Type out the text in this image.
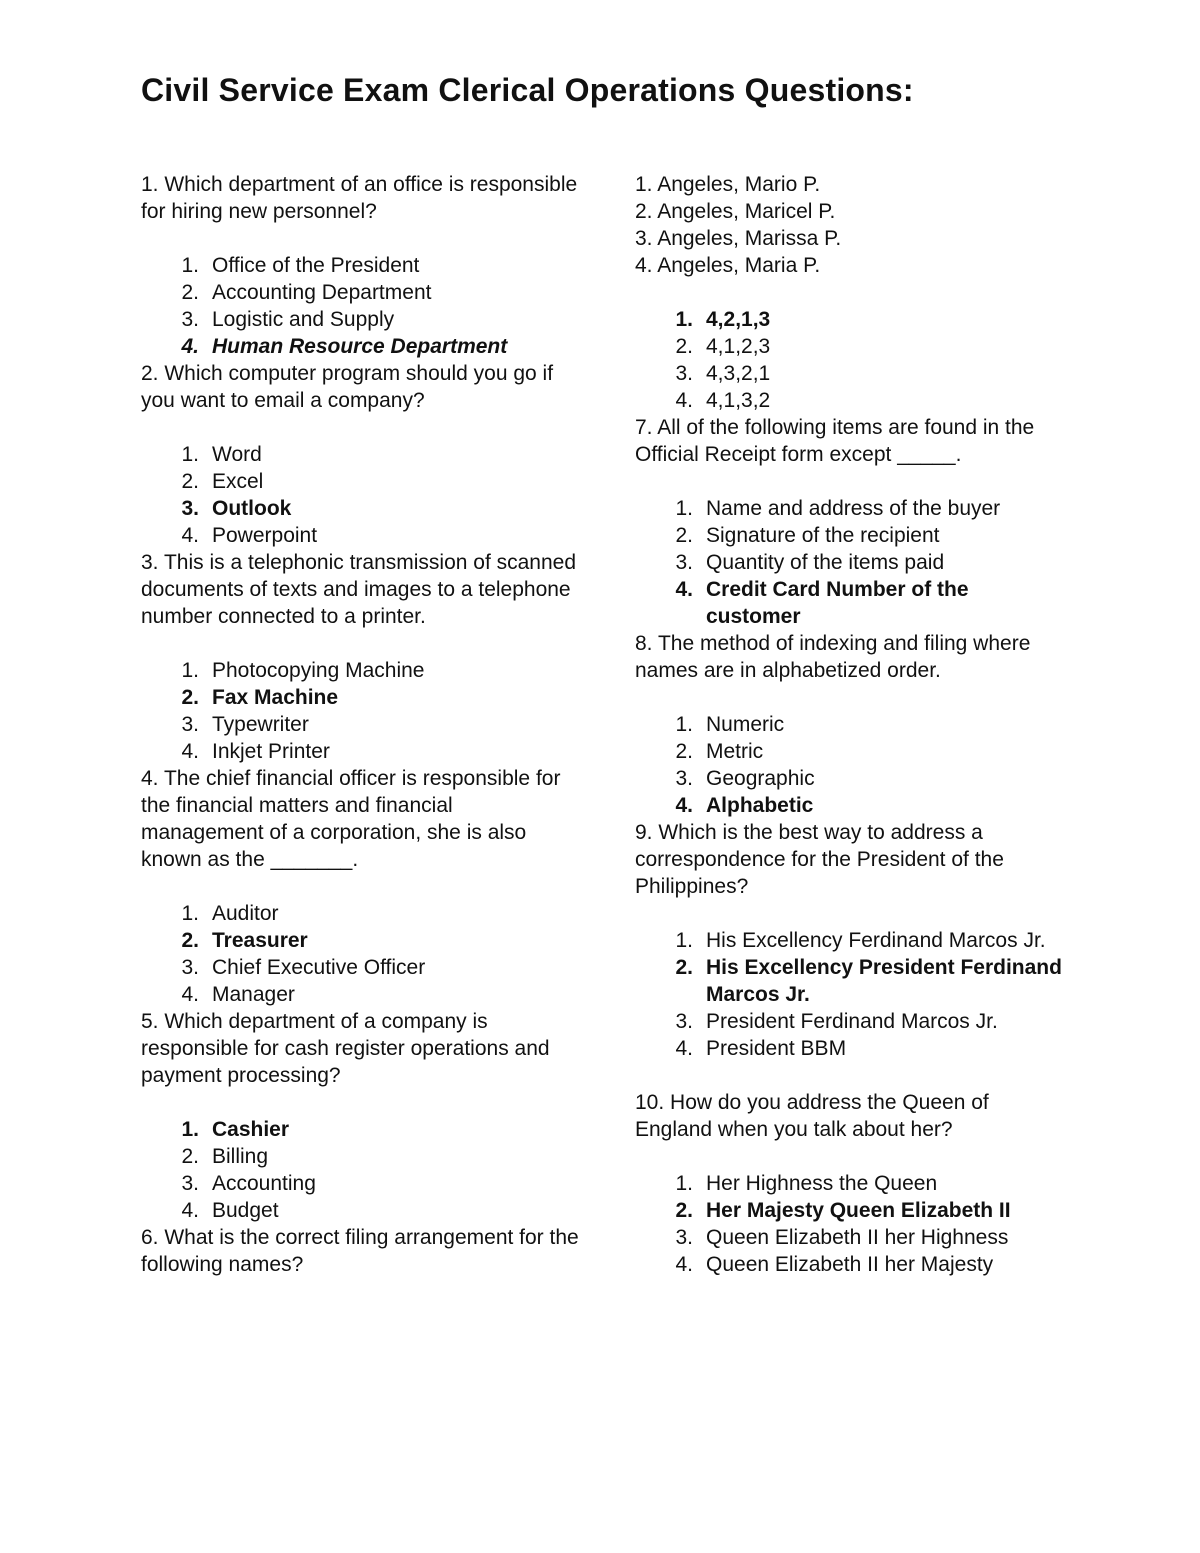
Civil Service Exam Clerical Operations Questions:

1. Which department of an office is responsible for hiring new personnel?

1. Office of the President
2. Accounting Department
3. Logistic and Supply
4. Human Resource Department

2. Which computer program should you go if you want to email a company?

1. Word
2. Excel
3. Outlook
4. Powerpoint

3. This is a telephonic transmission of scanned documents of texts and images to a telephone number connected to a printer.

1. Photocopying Machine
2. Fax Machine
3. Typewriter
4. Inkjet Printer

4. The chief financial officer is responsible for the financial matters and financial management of a corporation, she is also known as the _______.

1. Auditor
2. Treasurer
3. Chief Executive Officer
4. Manager

5. Which department of a company is responsible for cash register operations and payment processing?

1. Cashier
2. Billing
3. Accounting
4. Budget

6. What is the correct filing arrangement for the following names?

1. Angeles, Mario P.

2. Angeles, Maricel P.

3. Angeles, Marissa P.

4. Angeles, Maria P.

1. 4,2,1,3
2. 4,1,2,3
3. 4,3,2,1
4. 4,1,3,2

7. All of the following items are found in the Official Receipt form except _____.

1. Name and address of the buyer
2. Signature of the recipient
3. Quantity of the items paid
4. Credit Card Number of the customer

8. The method of indexing and filing where names are in alphabetized order.

1. Numeric
2. Metric
3. Geographic
4. Alphabetic

9. Which is the best way to address a correspondence for the President of the Philippines?

1. His Excellency Ferdinand Marcos Jr.
2. His Excellency President Ferdinand Marcos Jr.
3. President Ferdinand Marcos Jr.
4. President BBM

10. How do you address the Queen of England when you talk about her?

1. Her Highness the Queen
2. Her Majesty Queen Elizabeth II
3. Queen Elizabeth II her Highness
4. Queen Elizabeth II her Majesty
